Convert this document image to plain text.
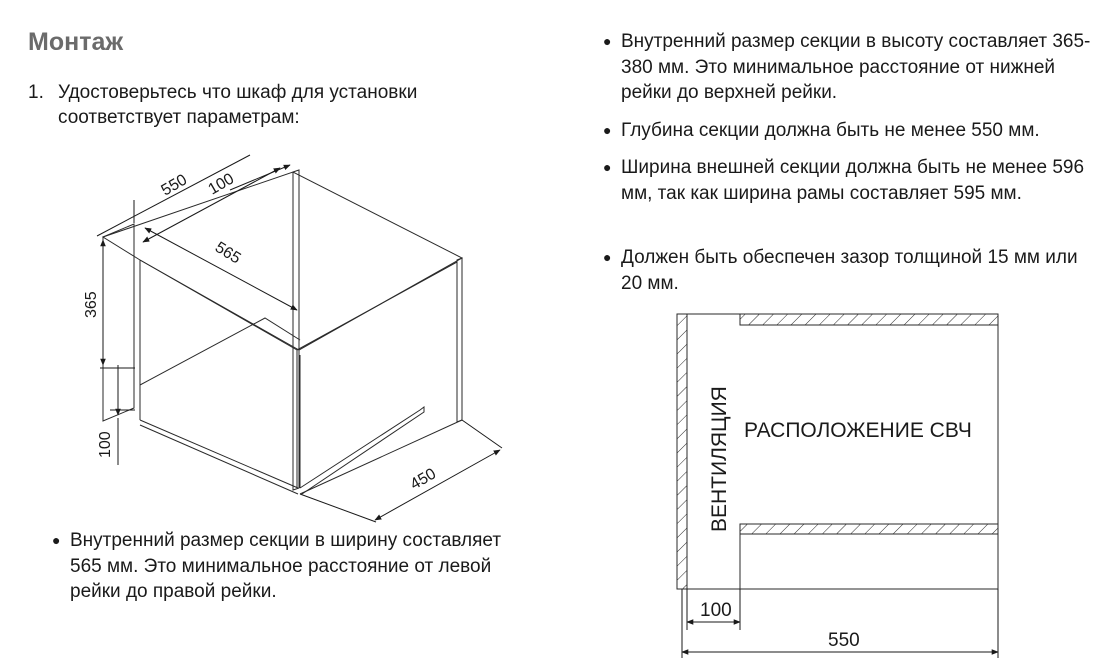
Монтаж
1. Удостоверьтесь что шкаф для установки соответствует параметрам:
550 100
565
365
100
450
● Внутренний размер секции в ширину составляет 565 мм. Это минимальное расстояние от левой рейки до правой рейки.
● Внутренний размер секции в высоту составляет 365-380 мм. Это минимальное расстояние от нижней рейки до верхней рейки.
● Глубина секции должна быть не менее 550 мм.
● Ширина внешней секции должна быть не менее 596 мм, так как ширина рамы составляет 595 мм.
● Должен быть обеспечен зазор толщиной 15 мм или 20 мм.
ВЕНТИЛЯЦИЯ РАСПОЛОЖЕНИЕ СВЧ
100
550
